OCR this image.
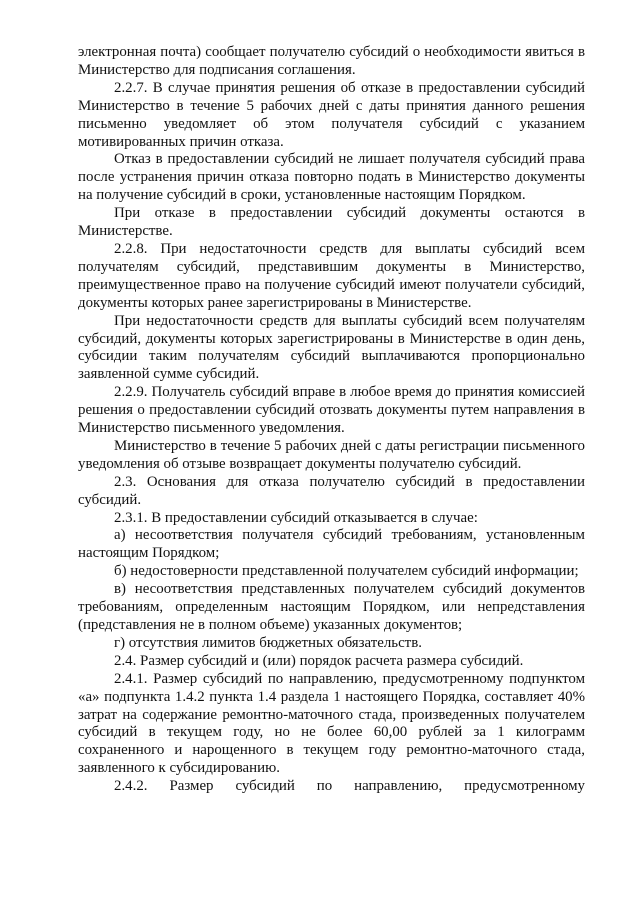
электронная почта) сообщает получателю субсидий о необходимости явиться в Министерство для подписания соглашения.

2.2.7. В случае принятия решения об отказе в предоставлении субсидий Министерство в течение 5 рабочих дней с даты принятия данного решения письменно уведомляет об этом получателя субсидий с указанием мотивированных причин отказа.

Отказ в предоставлении субсидий не лишает получателя субсидий права после устранения причин отказа повторно подать в Министерство документы на получение субсидий в сроки, установленные настоящим Порядком.

При отказе в предоставлении субсидий документы остаются в Министерстве.

2.2.8. При недостаточности средств для выплаты субсидий всем получателям субсидий, представившим документы в Министерство, преимущественное право на получение субсидий имеют получатели субсидий, документы которых ранее зарегистрированы в Министерстве.

При недостаточности средств для выплаты субсидий всем получателям субсидий, документы которых зарегистрированы в Министерстве в один день, субсидии таким получателям субсидий выплачиваются пропорционально заявленной сумме субсидий.

2.2.9. Получатель субсидий вправе в любое время до принятия комиссией решения о предоставлении субсидий отозвать документы путем направления в Министерство письменного уведомления.

Министерство в течение 5 рабочих дней с даты регистрации письменного уведомления об отзыве возвращает документы получателю субсидий.

2.3. Основания для отказа получателю субсидий в предоставлении субсидий.

2.3.1. В предоставлении субсидий отказывается в случае:

а) несоответствия получателя субсидий требованиям, установленным настоящим Порядком;

б) недостоверности представленной получателем субсидий информации;

в) несоответствия представленных получателем субсидий документов требованиям, определенным настоящим Порядком, или непредставления (представления не в полном объеме) указанных документов;

г) отсутствия лимитов бюджетных обязательств.

2.4. Размер субсидий и (или) порядок расчета размера субсидий.

2.4.1. Размер субсидий по направлению, предусмотренному подпунктом «а» подпункта 1.4.2 пункта 1.4 раздела 1 настоящего Порядка, составляет 40% затрат на содержание ремонтно-маточного стада, произведенных получателем субсидий в текущем году, но не более 60,00 рублей за 1 килограмм сохраненного и нарощенного в текущем году ремонтно-маточного стада, заявленного к субсидированию.

2.4.2. Размер субсидий по направлению, предусмотренному
